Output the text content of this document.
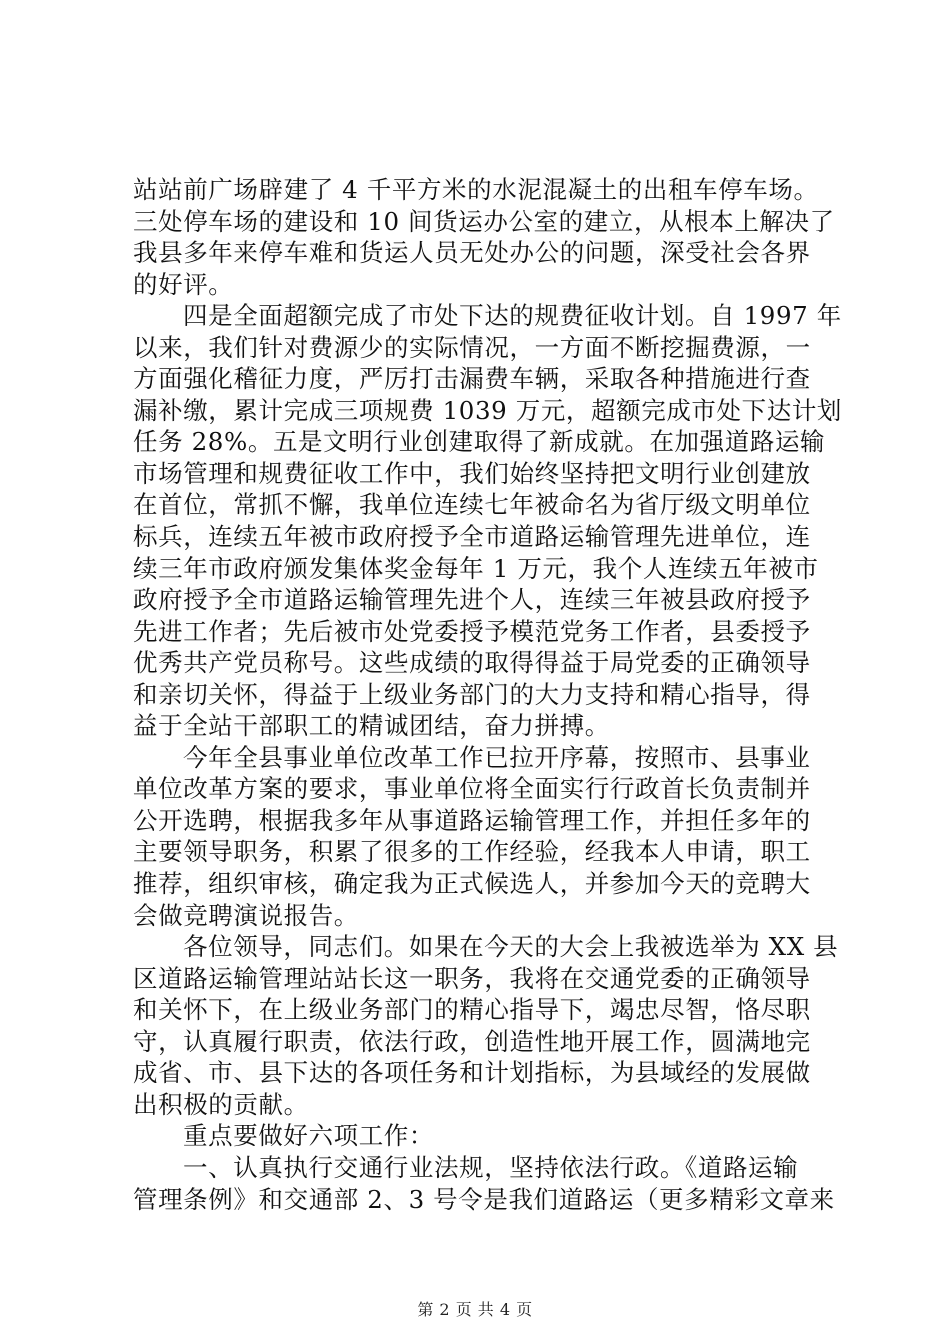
站站前广场辟建了 4 千平方米的水泥混凝土的出租车停车场。
三处停车场的建设和 10 间货运办公室的建立，从根本上解决了
我县多年来停车难和货运人员无处办公的问题，深受社会各界
的好评。
四是全面超额完成了市处下达的规费征收计划。自 1997 年
以来，我们针对费源少的实际情况，一方面不断挖掘费源，一
方面强化稽征力度，严厉打击漏费车辆，采取各种措施进行查
漏补缴，累计完成三项规费 1039 万元，超额完成市处下达计划
任务 28%。五是文明行业创建取得了新成就。在加强道路运输
市场管理和规费征收工作中，我们始终坚持把文明行业创建放
在首位，常抓不懈，我单位连续七年被命名为省厅级文明单位
标兵，连续五年被市政府授予全市道路运输管理先进单位，连
续三年市政府颁发集体奖金每年 1 万元，我个人连续五年被市
政府授予全市道路运输管理先进个人，连续三年被县政府授予
先进工作者；先后被市处党委授予模范党务工作者，县委授予
优秀共产党员称号。这些成绩的取得得益于局党委的正确领导
和亲切关怀，得益于上级业务部门的大力支持和精心指导，得
益于全站干部职工的精诚团结，奋力拼搏。
今年全县事业单位改革工作已拉开序幕，按照市、县事业
单位改革方案的要求，事业单位将全面实行行政首长负责制并
公开选聘，根据我多年从事道路运输管理工作，并担任多年的
主要领导职务，积累了很多的工作经验，经我本人申请，职工
推荐，组织审核，确定我为正式候选人，并参加今天的竞聘大
会做竞聘演说报告。
各位领导，同志们。如果在今天的大会上我被选举为 XX 县
区道路运输管理站站长这一职务，我将在交通党委的正确领导
和关怀下，在上级业务部门的精心指导下，竭忠尽智，恪尽职
守，认真履行职责，依法行政，创造性地开展工作，圆满地完
成省、市、县下达的各项任务和计划指标，为县域经的发展做
出积极的贡献。
重点要做好六项工作：
一、认真执行交通行业法规，坚持依法行政。《道路运输
管理条例》和交通部 2、3 号令是我们道路运（更多精彩文章来
第 2 页 共 4 页
